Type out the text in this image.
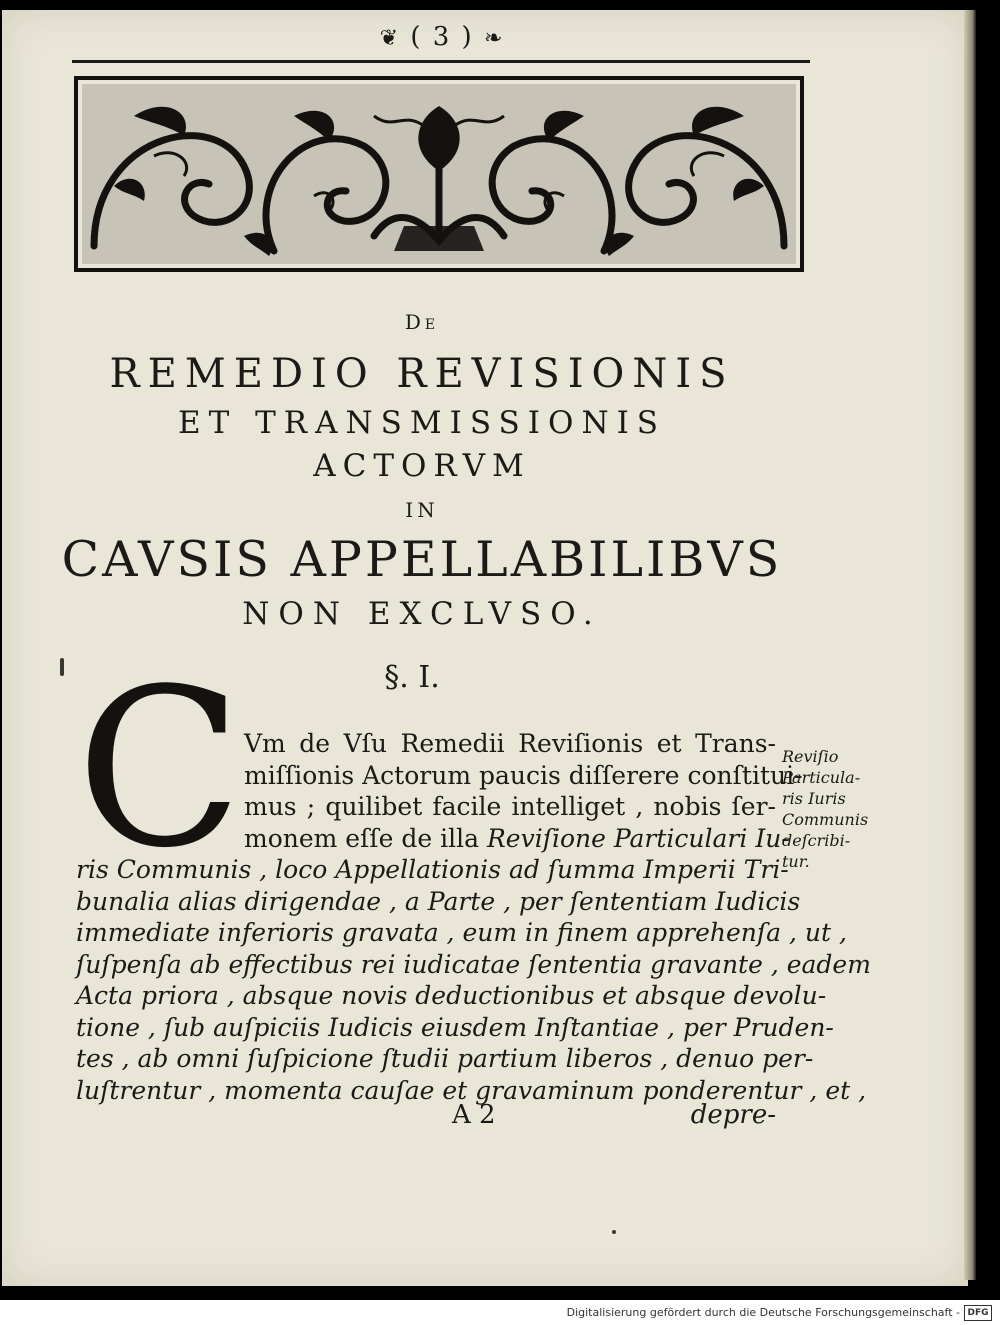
❦ ( 3 ) ❧
De
REMEDIO REVISIONIS
ET TRANSMISSIONIS
ACTORVM
IN
CAVSIS APPELLABILIBVS
NON EXCLVSO.
§. I.
C Vm de Vſu Remedii Reviſionis et Trans-
miſſionis Actorum paucis diſſerere conſtitui-
mus ; quilibet facile intelliget , nobis ſer-
monem eſſe de illa Reviſione Particulari Iu-
ris Communis , loco Appellationis ad ſumma Imperii Tri-
bunalia alias dirigendae , a Parte , per ſententiam Iudicis
immediate inferioris gravata , eum in finem apprehenſa , ut ,
ſuſpenſa ab effectibus rei iudicatae ſententia gravante , eadem
Acta priora , absque novis deductionibus et absque devolu-
tione , ſub auſpiciis Iudicis eiusdem Inſtantiae , per Pruden-
tes , ab omni ſuſpicione ſtudii partium liberos , denuo per-
luſtrentur , momenta cauſae et gravaminum ponderentur , et ,
A 2	depre-
Reviſio
Particula-
ris Iuris
Communis
deſcribi-
tur.
Digitalisierung gefördert durch die Deutsche Forschungsgemeinschaft - DFG
